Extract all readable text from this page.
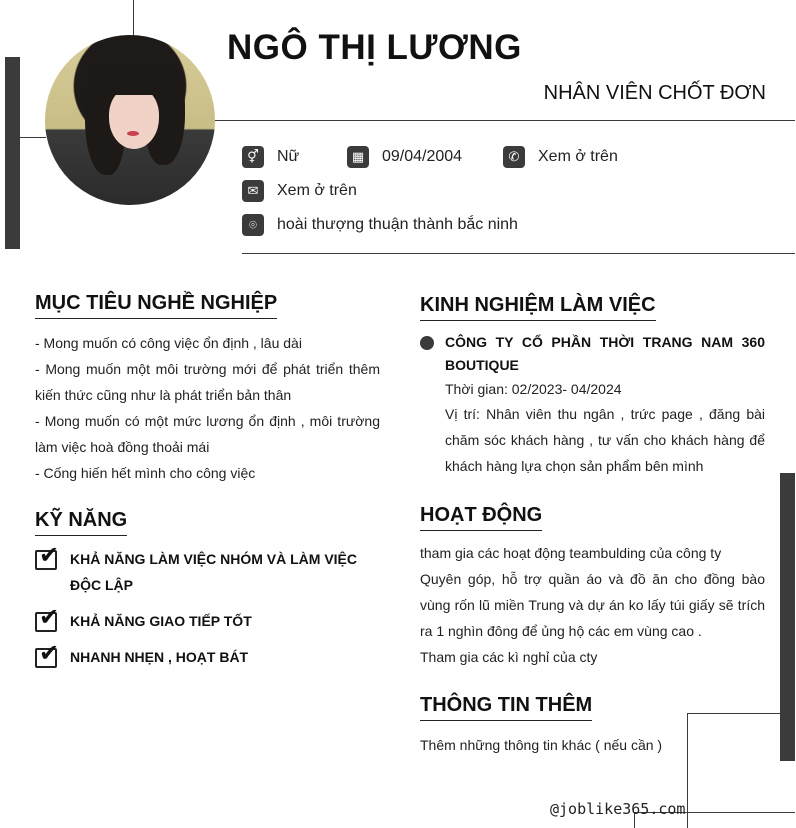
NGÔ THỊ LƯƠNG
NHÂN VIÊN CHỐT ĐƠN
⚥	Nữ	▦	09/04/2004	✆	Xem ở trên
✉	Xem ở trên
⌾	hoài thượng thuận thành bắc ninh
MỤC TIÊU NGHỀ NGHIỆP

- Mong muốn có công việc ổn định , lâu dài

- Mong muốn một môi trường mới để phát triển thêm kiến thức cũng như là phát triển bản thân

- Mong muốn có một mức lương ổn định , môi trường làm việc hoà đồng thoải mái

- Cống hiến hết mình cho công việc

KỸ NĂNG
✔ KHẢ NĂNG LÀM VIỆC NHÓM VÀ LÀM VIỆC ĐỘC LẬP
✔ KHẢ NĂNG GIAO TIẾP TỐT
✔ NHANH NHẸN , HOẠT BÁT
KINH NGHIỆM LÀM VIỆC
CÔNG TY CỔ PHẦN THỜI TRANG NAM 360 BOUTIQUE
Thời gian: 02/2023- 04/2024
Vị trí: Nhân viên thu ngân , trức page , đăng bài chăm sóc khách hàng , tư vấn cho khách hàng để khách hàng lựa chọn sản phẩm bên mình
HOẠT ĐỘNG

tham gia các hoạt động teambulding của công ty

Quyên góp, hỗ trợ quần áo và đồ ăn cho đồng bào vùng rốn lũ miền Trung và dự án ko lấy túi giấy sẽ trích ra 1 nghìn đông để ủng hộ các em vùng cao .

Tham gia các kì nghỉ của cty

THÔNG TIN THÊM
Thêm những thông tin khác ( nếu cần )
@joblike365.com
